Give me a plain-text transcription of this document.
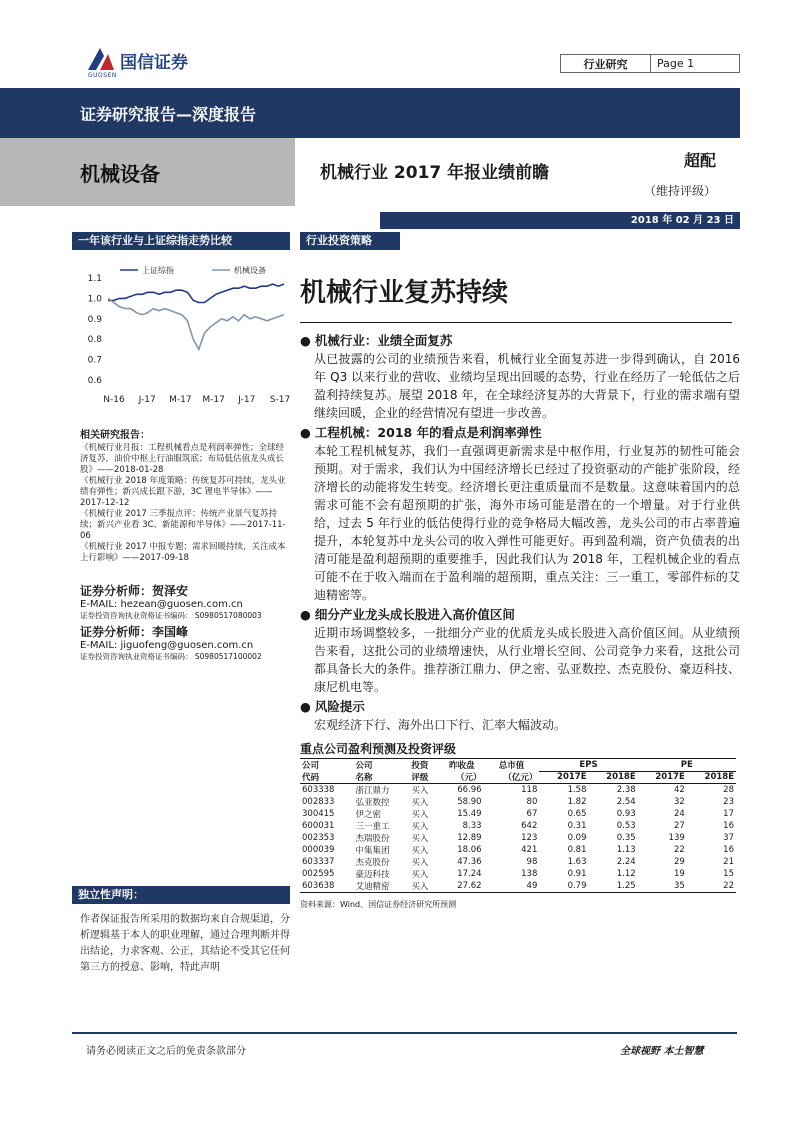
国信证券
GUOSEN
行业研究	Page 1
证券研究报告—深度报告
机械设备	机械行业 2017 年报业绩前瞻
超配
（维持评级）
2018 年 02 月 23 日
一年该行业与上证综指走势比较
1.1
1.0
0.9
0.8
0.7
0.6
N-16 J-17 M-17 M-17 J-17 S-17
上证综指	机械设备
相关研究报告：
《机械行业月报：工程机械看点是利润率弹性；全球经济复苏，油价中枢上行油服筑底；布局低估值龙头成长股》——2018-01-28
《机械行业 2018 年度策略：传统复苏可持续，龙头业绩有弹性；新兴成长跟下游，3C 锂电半导体》——2017-12-12
《机械行业 2017 三季报点评：传统产业景气复苏持续；新兴产业看 3C、新能源和半导体》——2017-11-06
《机械行业 2017 中报专题：需求回暖持续，关注成本上行影响》——2017-09-18
证券分析师：贺泽安
E-MAIL: hezean@guosen.com.cn
证券投资咨询执业资格证书编码： S0980517080003
证券分析师：李国峰
E-MAIL: jiguofeng@guosen.com.cn
证券投资咨询执业资格证书编码： S0980517100002
独立性声明：
作者保证报告所采用的数据均来自合规渠道，分析逻辑基于本人的职业理解，通过合理判断并得出结论，力求客观、公正，其结论不受其它任何第三方的授意、影响，特此声明
行业投资策略
机械行业复苏持续
● 机械行业：业绩全面复苏
从已披露的公司的业绩预告来看，机械行业全面复苏进一步得到确认，自 2016 年 Q3 以来行业的营收、业绩均呈现出回暖的态势，行业在经历了一轮低估之后盈利持续复苏。展望 2018 年，在全球经济复苏的大背景下，行业的需求端有望继续回暖，企业的经营情况有望进一步改善。
● 工程机械：2018 年的看点是利润率弹性
本轮工程机械复苏，我们一直强调更新需求是中枢作用，行业复苏的韧性可能会预期。对于需求，我们认为中国经济增长已经过了投资驱动的产能扩张阶段，经济增长的动能将发生转变。经济增长更注重质量而不是数量。这意味着国内的总需求可能不会有超预期的扩张，海外市场可能是潜在的一个增量。对于行业供给，过去 5 年行业的低估使得行业的竞争格局大幅改善，龙头公司的市占率普遍提升，本轮复苏中龙头公司的收入弹性可能更好。再到盈利端，资产负债表的出清可能是盈利超预期的重要推手，因此我们认为 2018 年，工程机械企业的看点可能不在于收入端而在于盈利端的超预期，重点关注：三一重工，零部件标的艾迪精密等。
● 细分产业龙头成长股进入高价值区间
近期市场调整较多，一批细分产业的优质龙头成长股进入高价值区间。从业绩预告来看，这批公司的业绩增速快，从行业增长空间、公司竞争力来看，这批公司都具备长大的条件。推荐浙江鼎力、伊之密、弘亚数控、杰克股份、豪迈科技、康尼机电等。
● 风险提示
宏观经济下行、海外出口下行、汇率大幅波动。
重点公司盈利预测及投资评级
公司	公司	投资	昨收盘	总市值	EPS		PE	
代码	名称	评级	（元）	（亿元）	2017E	2018E	2017E	2018E
603338	浙江鼎力	买入	66.96	118	1.58	2.38	42	28
002833	弘亚数控	买入	58.90	80	1.82	2.54	32	23
300415	伊之密	买入	15.49	67	0.65	0.93	24	17
600031	三一重工	买入	8.33	642	0.31	0.53	27	16
002353	杰瑞股份	买入	12.89	123	0.09	0.35	139	37
000039	中集集团	买入	18.06	421	0.81	1.13	22	16
603337	杰克股份	买入	47.36	98	1.63	2.24	29	21
002595	豪迈科技	买入	17.24	138	0.91	1.12	19	15
603638	艾迪精密	买入	27.62	49	0.79	1.25	35	22
资料来源：Wind、国信证券经济研究所预测
请务必阅读正文之后的免责条款部分	全球视野 本土智慧
